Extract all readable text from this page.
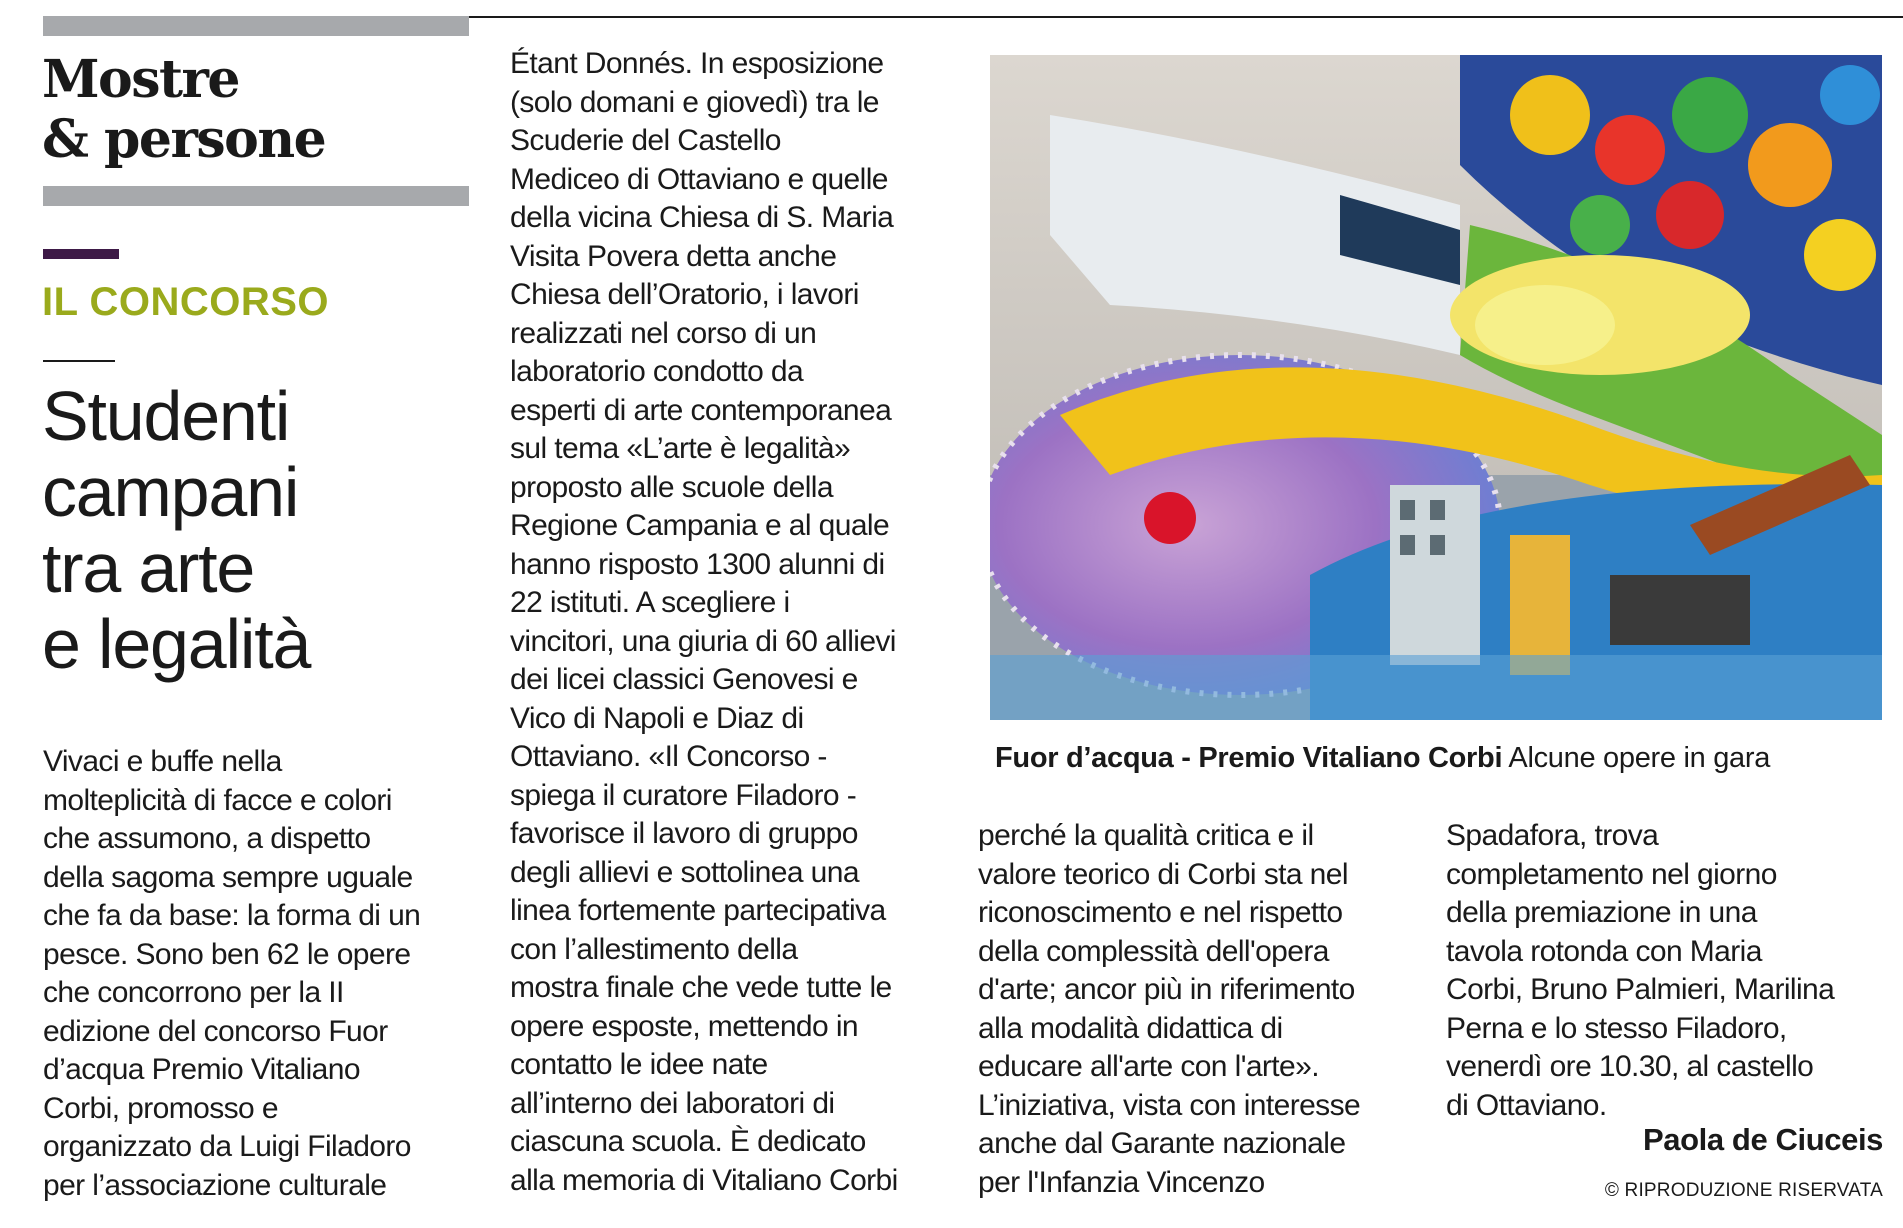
Mostre
& persone
IL CONCORSO
Studenti
campani
tra arte
e legalità
Vivaci e buffe nella
molteplicità di facce e colori
che assumono, a dispetto
della sagoma sempre uguale
che fa da base: la forma di un
pesce. Sono ben 62 le opere
che concorrono per la II
edizione del concorso Fuor
d’acqua Premio Vitaliano
Corbi, promosso e
organizzato da Luigi Filadoro
per l’associazione culturale
Étant Donnés. In esposizione
(solo domani e giovedì) tra le
Scuderie del Castello
Mediceo di Ottaviano e quelle
della vicina Chiesa di S. Maria
Visita Povera detta anche
Chiesa dell’Oratorio, i lavori
realizzati nel corso di un
laboratorio condotto da
esperti di arte contemporanea
sul tema «L’arte è legalità»
proposto alle scuole della
Regione Campania e al quale
hanno risposto 1300 alunni di
22 istituti. A scegliere i
vincitori, una giuria di 60 allievi
dei licei classici Genovesi e
Vico di Napoli e Diaz di
Ottaviano. «Il Concorso -
spiega il curatore Filadoro -
favorisce il lavoro di gruppo
degli allievi e sottolinea una
linea fortemente partecipativa
con l’allestimento della
mostra finale che vede tutte le
opere esposte, mettendo in
contatto le idee nate
all’interno dei laboratori di
ciascuna scuola. È dedicato
alla memoria di Vitaliano Corbi
Fuor d’acqua - Premio Vitaliano Corbi Alcune opere in gara
perché la qualità critica e il
valore teorico di Corbi sta nel
riconoscimento e nel rispetto
della complessità dell'opera
d'arte; ancor più in riferimento
alla modalità didattica di
educare all'arte con l'arte».
L’iniziativa, vista con interesse
anche dal Garante nazionale
per l'Infanzia Vincenzo
Spadafora, trova
completamento nel giorno
della premiazione in una
tavola rotonda con Maria
Corbi, Bruno Palmieri, Marilina
Perna e lo stesso Filadoro,
venerdì ore 10.30, al castello
di Ottaviano.
Paola de Ciuceis
© RIPRODUZIONE RISERVATA
